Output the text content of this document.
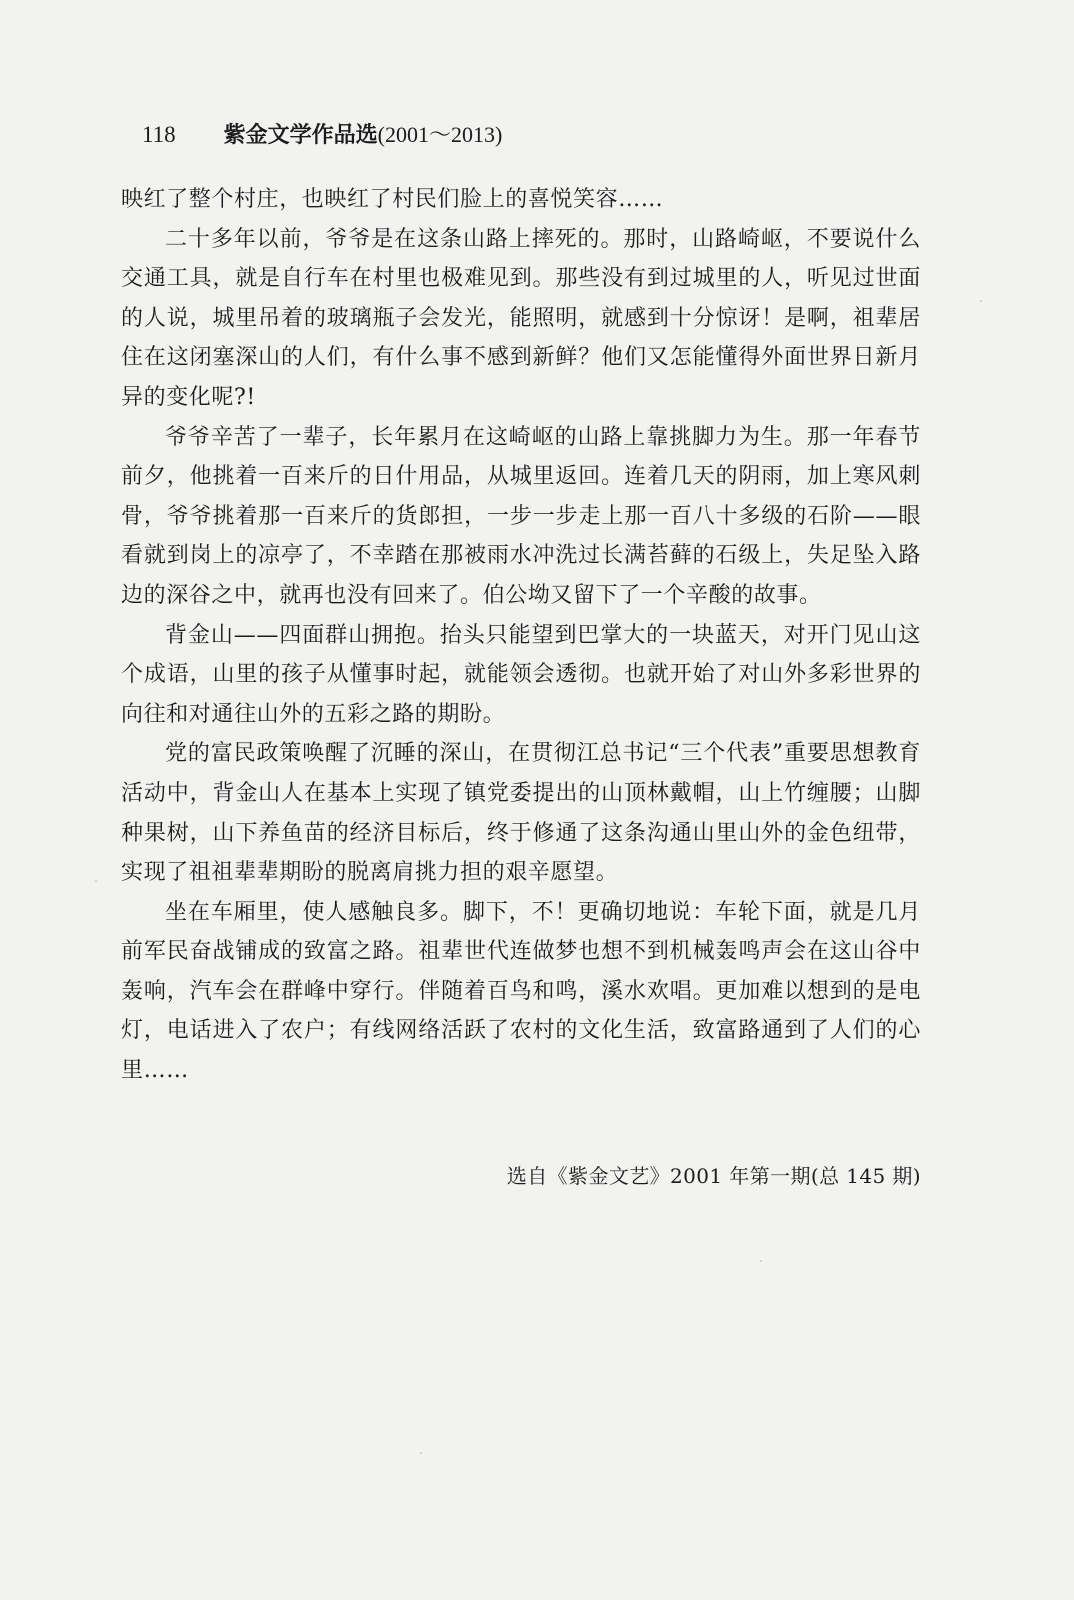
118 紫金文学作品选 (2001～2013)

映红了整个村庄，也映红了村民们脸上的喜悦笑容……

二十多年以前，爷爷是在这条山路上摔死的。那时，山路崎岖，不要说什么交通工具，就是自行车在村里也极难见到。那些没有到过城里的人，听见过世面的人说，城里吊着的玻璃瓶子会发光，能照明，就感到十分惊讶！是啊，祖辈居住在这闭塞深山的人们，有什么事不感到新鲜？他们又怎能懂得外面世界日新月异的变化呢?!

爷爷辛苦了一辈子，长年累月在这崎岖的山路上靠挑脚力为生。那一年春节前夕，他挑着一百来斤的日什用品，从城里返回。连着几天的阴雨，加上寒风刺骨，爷爷挑着那一百来斤的货郎担，一步一步走上那一百八十多级的石阶——眼看就到岗上的凉亭了，不幸踏在那被雨水冲洗过长满苔藓的石级上，失足坠入路边的深谷之中，就再也没有回来了。伯公坳又留下了一个辛酸的故事。

背金山——四面群山拥抱。抬头只能望到巴掌大的一块蓝天，对开门见山这个成语，山里的孩子从懂事时起，就能领会透彻。也就开始了对山外多彩世界的向往和对通往山外的五彩之路的期盼。

党的富民政策唤醒了沉睡的深山，在贯彻江总书记“三个代表”重要思想教育活动中，背金山人在基本上实现了镇党委提出的山顶林戴帽，山上竹缠腰；山脚种果树，山下养鱼苗的经济目标后，终于修通了这条沟通山里山外的金色纽带，实现了祖祖辈辈期盼的脱离肩挑力担的艰辛愿望。

坐在车厢里，使人感触良多。脚下，不！更确切地说：车轮下面，就是几月前军民奋战铺成的致富之路。祖辈世代连做梦也想不到机械轰鸣声会在这山谷中轰响，汽车会在群峰中穿行。伴随着百鸟和鸣，溪水欢唱。更加难以想到的是电灯，电话进入了农户；有线网络活跃了农村的文化生活，致富路通到了人们的心里……

选自《紫金文艺》2001 年第一期(总 145 期)
